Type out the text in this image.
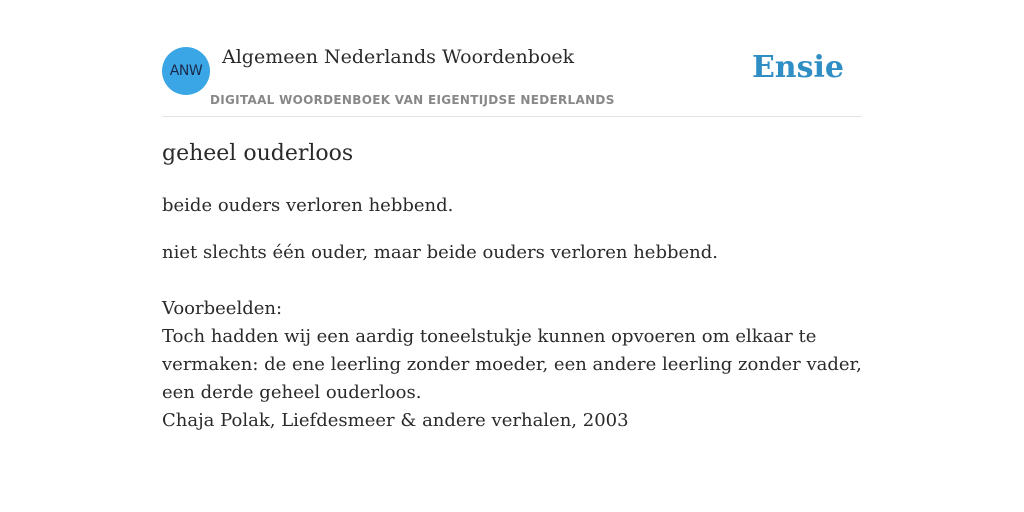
ANW
Algemeen Nederlands Woordenboek
DIGITAAL WOORDENBOEK VAN EIGENTIJDSE NEDERLANDS
Ensie
geheel ouderloos

beide ouders verloren hebbend.

niet slechts één ouder, maar beide ouders verloren hebbend.

Voorbeelden:
Toch hadden wij een aardig toneelstukje kunnen opvoeren om elkaar te vermaken: de ene leerling zonder moeder, een andere leerling zonder vader, een derde geheel ouderloos.
Chaja Polak, Liefdesmeer & andere verhalen, 2003
